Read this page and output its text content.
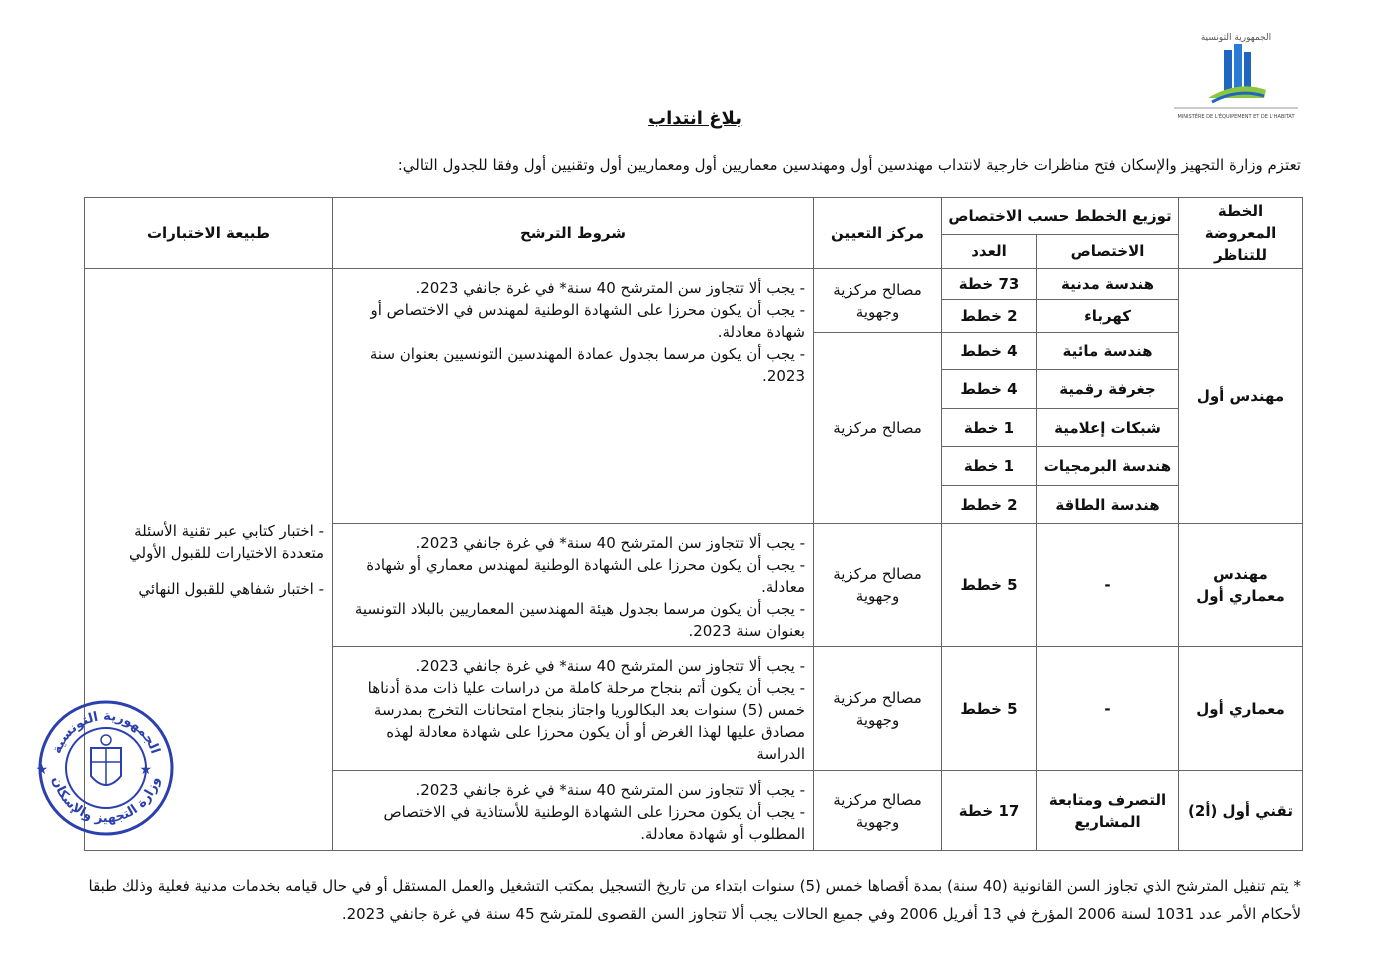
الجمهورية التونسية
MINISTÈRE DE L'ÉQUIPEMENT ET DE L'HABITAT
بلاغ انتداب
تعتزم وزارة التجهيز والإسكان فتح مناظرات خارجية لانتداب مهندسين أول ومهندسين معماريين أول ومعماريين أول وتقنيين أول وفقا للجدول التالي:
الخطة المعروضة للتناظر	توزيع الخطط حسب الاختصاص		مركز التعيين	شروط الترشح	طبيعة الاختبارات
	الاختصاص	العدد			
مهندس أول	هندسة مدنية	73 خطة	مصالح مركزية وجهوية	- يجب ألا تتجاوز سن المترشح 40 سنة* في غرة جانفي 2023.
- يجب أن يكون محرزا على الشهادة الوطنية لمهندس في الاختصاص أو شهادة معادلة.
- يجب أن يكون مرسما بجدول عمادة المهندسين التونسيين بعنوان سنة 2023.	- اختبار كتابي عبر تقنية الأسئلة متعددة الاختيارات للقبول الأولي
- اختبار شفاهي للقبول النهائي

	كهرباء	2 خطط			
	هندسة مائية	4 خطط	مصالح مركزية		
	جغرفة رقمية	4 خطط			
	شبكات إعلامية	1 خطة			
	هندسة البرمجيات	1 خطة			
	هندسة الطاقة	2 خطط			
مهندس معماري أول	-	5 خطط	مصالح مركزية وجهوية	- يجب ألا تتجاوز سن المترشح 40 سنة* في غرة جانفي 2023.
- يجب أن يكون محرزا على الشهادة الوطنية لمهندس معماري أو شهادة معادلة.
- يجب أن يكون مرسما بجدول هيئة المهندسين المعماريين بالبلاد التونسية بعنوان سنة 2023.	

معماري أول	-	5 خطط	مصالح مركزية وجهوية	- يجب ألا تتجاوز سن المترشح 40 سنة* في غرة جانفي 2023.
- يجب أن يكون أتم بنجاح مرحلة كاملة من دراسات عليا ذات مدة أدناها خمس (5) سنوات بعد البكالوريا واجتاز بنجاح امتحانات التخرج بمدرسة مصادق عليها لهذا الغرض أو أن يكون محرزا على شهادة معادلة لهذه الدراسة	

تقني أول (أ2)	التصرف ومتابعة المشاريع	17 خطة	مصالح مركزية وجهوية	- يجب ألا تتجاوز سن المترشح 40 سنة* في غرة جانفي 2023.
- يجب أن يكون محرزا على الشهادة الوطنية للأستاذية في الاختصاص المطلوب أو شهادة معادلة.	
الجمهورية التونسية
وزارة التجهيز والإسكان
★	★
* يتم تنفيل المترشح الذي تجاوز السن القانونية (40 سنة) بمدة أقصاها خمس (5) سنوات ابتداء من تاريخ التسجيل بمكتب التشغيل والعمل المستقل أو في حال قيامه بخدمات مدنية فعلية وذلك طبقا لأحكام الأمر عدد 1031 لسنة 2006 المؤرخ في 13 أفريل 2006 وفي جميع الحالات يجب ألا تتجاوز السن القصوى للمترشح 45 سنة في غرة جانفي 2023.
